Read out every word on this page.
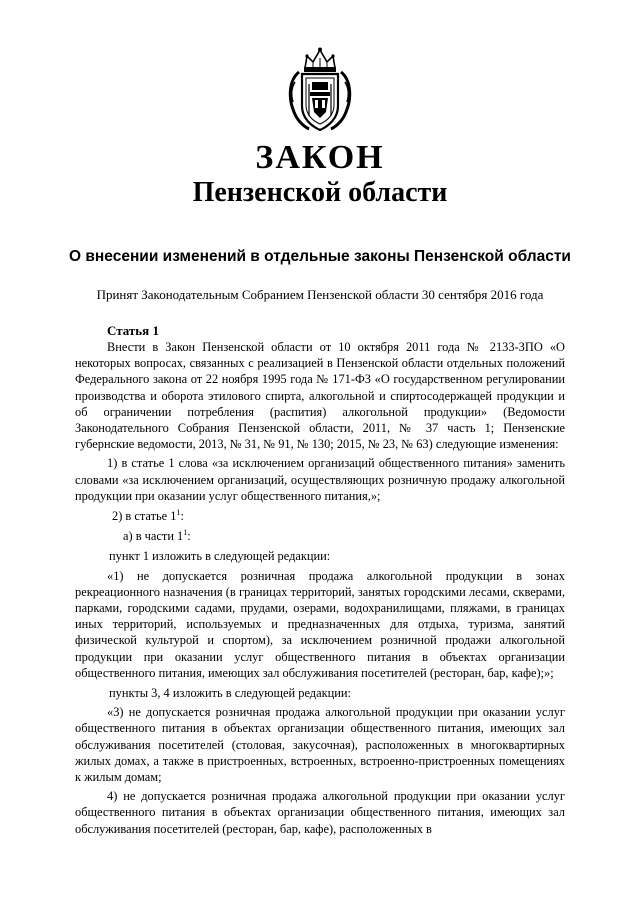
ЗАКОН
Пензенской области
О внесении изменений в отдельные законы Пензенской области
Принят Законодательным Собранием Пензенской области 30 сентября 2016 года
Статья 1

Внести в Закон Пензенской области от 10 октября 2011 года № 2133-ЗПО «О некоторых вопросах, связанных с реализацией в Пензенской области отдельных положений Федерального закона от 22 ноября 1995 года № 171-ФЗ «О государственном регулировании производства и оборота этилового спирта, алкогольной и спиртосодержащей продукции и об ограничении потребления (распития) алкогольной продукции» (Ведомости Законодательного Собрания Пензенской области, 2011, № 37 часть 1; Пензенские губернские ведомости, 2013, № 31, № 91, № 130; 2015, № 23, № 63) следующие изменения:

1) в статье 1 слова «за исключением организаций общественного питания» заменить словами «за исключением организаций, осуществляющих розничную продажу алкогольной продукции при оказании услуг общественного питания,»;

2) в статье $1^1$:

а) в части $1^1$:

пункт 1 изложить в следующей редакции:

«1) не допускается розничная продажа алкогольной продукции в зонах рекреационного назначения (в границах территорий, занятых городскими лесами, скверами, парками, городскими садами, прудами, озерами, водохранилищами, пляжами, в границах иных территорий, используемых и предназначенных для отдыха, туризма, занятий физической культурой и спортом), за исключением розничной продажи алкогольной продукции при оказании услуг общественного питания в объектах организации общественного питания, имеющих зал обслуживания посетителей (ресторан, бар, кафе);»;

пункты 3, 4 изложить в следующей редакции:

«3) не допускается розничная продажа алкогольной продукции при оказании услуг общественного питания в объектах организации общественного питания, имеющих зал обслуживания посетителей (столовая, закусочная), расположенных в многоквартирных жилых домах, а также в пристроенных, встроенных, встроенно-пристроенных помещениях к жилым домам;

4) не допускается розничная продажа алкогольной продукции при оказании услуг общественного питания в объектах организации общественного питания, имеющих зал обслуживания посетителей (ресторан, бар, кафе), расположенных в
